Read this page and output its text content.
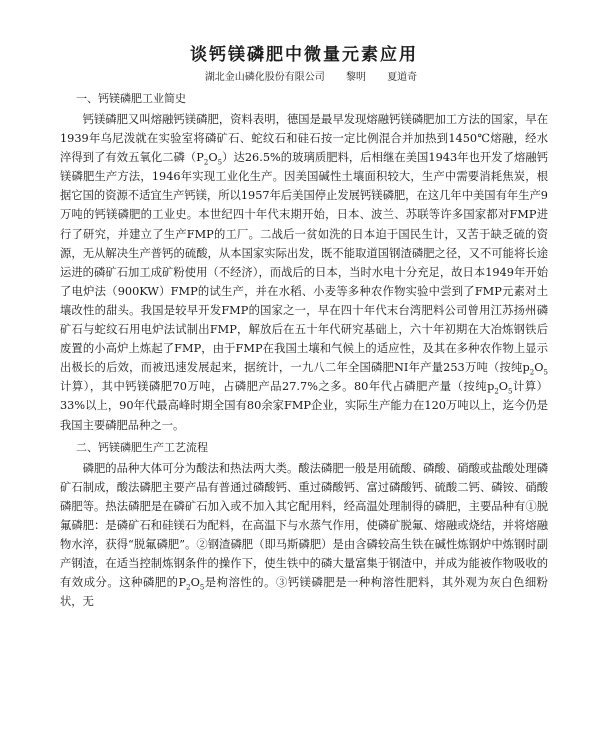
谈钙镁磷肥中微量元素应用
湖北金山磷化股份有限公司 黎明 夏道奇
一、钙镁磷肥工业简史

钙镁磷肥又叫熔融钙镁磷肥，资料表明，德国是最早发现熔融钙镁磷肥加工方法的国家，早在1939年乌尼泼就在实验室将磷矿石、蛇纹石和硅石按一定比例混合并加热到1450℃熔融，经水淬得到了有效五氧化二磷$(P_2O_5)$达26.5%的玻璃质肥料，后相继在美国1943年也开发了熔融钙镁磷肥生产方法，1946年实现工业化生产。因美国碱性土壤面积较大，生产中需要消耗焦炭，根据它国的资源不适宜生产钙镁，所以1957年后美国停止发展钙镁磷肥，在这几年中美国有年生产9万吨的钙镁磷肥的工业史。本世纪四十年代末期开始，日本、波兰、苏联等许多国家都对FMP进行了研究，并建立了生产FMP的工厂。二战后一贫如洗的日本迫于国民生计，又苦于缺乏硫的资源，无从解决生产普钙的硫酸，从本国家实际出发，既不能取道国钢渣磷肥之径，又不可能将长途运进的磷矿石加工成矿粉使用（不经济），而战后的日本，当时水电十分充足，故日本1949年开始了电炉法（900KW）FMP的试生产，并在水稻、小麦等多种农作物实验中尝到了FMP元素对土壤改性的甜头。我国是较早开发FMP的国家之一，早在四十年代末台湾肥料公司曾用江苏扬州磷矿石与蛇纹石用电炉法试制出FMP，解放后在五十年代研究基础上，六十年初期在大冶炼钢铁后废置的小高炉上炼起了FMP，由于FMP在我国土壤和气候上的适应性，及其在多种农作物上显示出极长的后效，而被迅速发展起来，据统计，一九八二年全国磷肥NI年产量253万吨（按纯$p_2O_5$计算），其中钙镁磷肥70万吨，占磷肥产品27.7%之多。80年代占磷肥产量（按纯$p_2O_5$计算）33%以上，90年代最高峰时期全国有80余家FMP企业，实际生产能力在120万吨以上，迄今仍是我国主要磷肥品种之一。

二、钙镁磷肥生产工艺流程

磷肥的品种大体可分为酸法和热法两大类。酸法磷肥一般是用硫酸、磷酸、硝酸或盐酸处理磷矿石制成，酸法磷肥主要产品有普通过磷酸钙、重过磷酸钙、富过磷酸钙、硫酸二钙、磷铵、硝酸磷肥等。热法磷肥是在磷矿石加入或不加入其它配用料，经高温处理制得的磷肥，主要品种有①脱氟磷肥：是磷矿石和硅镁石为配料，在高温下与水蒸气作用，使磷矿脱氟、熔融或烧结，并将熔融物水淬，获得“脱氟磷肥”。②钢渣磷肥（即马斯磷肥）是由含磷较高生铁在碱性炼钢炉中炼钢时副产钢渣，在适当控制炼钢条件的操作下，使生铁中的磷大量富集于钢渣中，并成为能被作物吸收的有效成分。这种磷肥的$P_2O_5$是枸溶性的。③钙镁磷肥是一种枸溶性肥料，其外观为灰白色细粉状，无
